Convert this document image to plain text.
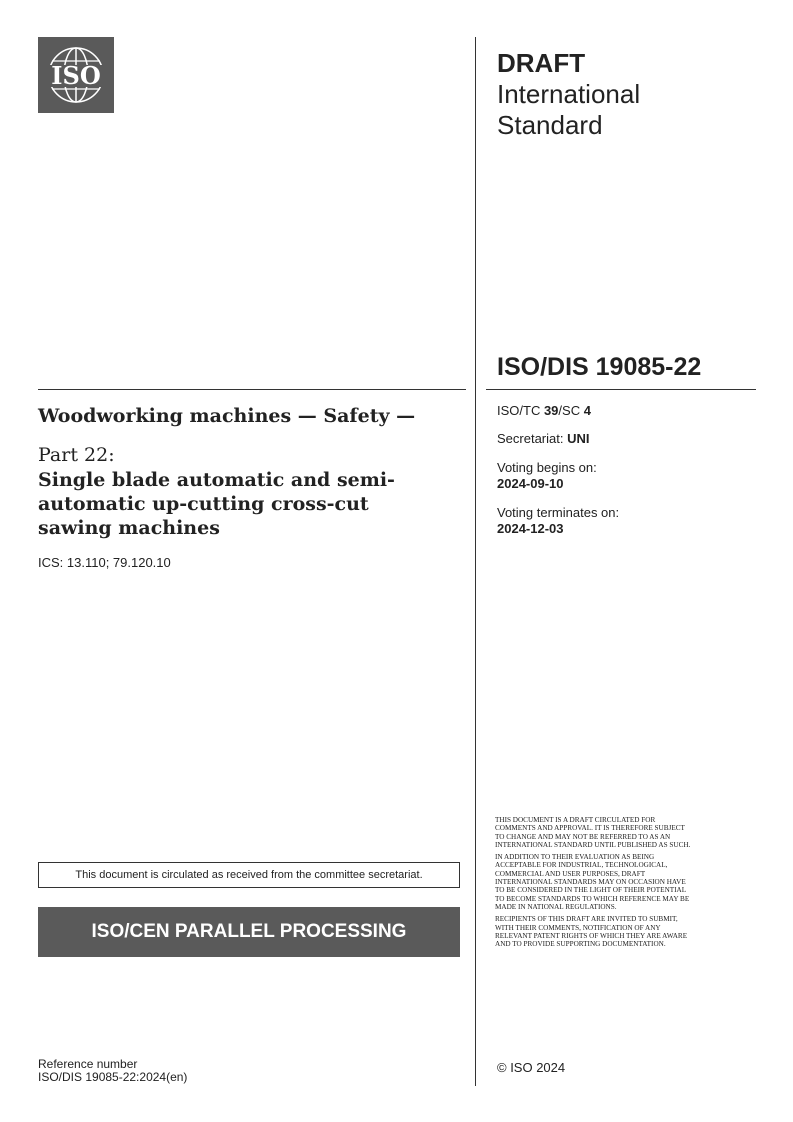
ISO	DRAFT
International
Standard
ISO/DIS 19085-22
Woodworking machines — Safety —
Part 22:
Single blade automatic and semi-automatic up-cutting cross-cut sawing machines
ICS: 13.110; 79.120.10
ISO/TC 39/SC 4
Secretariat: UNI
Voting begins on:
2024-09-10
Voting terminates on:
2024-12-03
This document is circulated as received from the committee secretariat.
ISO/CEN PARALLEL PROCESSING

THIS DOCUMENT IS A DRAFT CIRCULATED FOR COMMENTS AND APPROVAL. IT IS THEREFORE SUBJECT TO CHANGE AND MAY NOT BE REFERRED TO AS AN INTERNATIONAL STANDARD UNTIL PUBLISHED AS SUCH.

IN ADDITION TO THEIR EVALUATION AS BEING ACCEPTABLE FOR INDUSTRIAL, TECHNOLOGICAL, COMMERCIAL AND USER PURPOSES, DRAFT INTERNATIONAL STANDARDS MAY ON OCCASION HAVE TO BE CONSIDERED IN THE LIGHT OF THEIR POTENTIAL TO BECOME STANDARDS TO WHICH REFERENCE MAY BE MADE IN NATIONAL REGULATIONS.

RECIPIENTS OF THIS DRAFT ARE INVITED TO SUBMIT, WITH THEIR COMMENTS, NOTIFICATION OF ANY RELEVANT PATENT RIGHTS OF WHICH THEY ARE AWARE AND TO PROVIDE SUPPORTING DOCUMENTATION.

Reference number
ISO/DIS 19085-22:2024(en)
© ISO 2024
